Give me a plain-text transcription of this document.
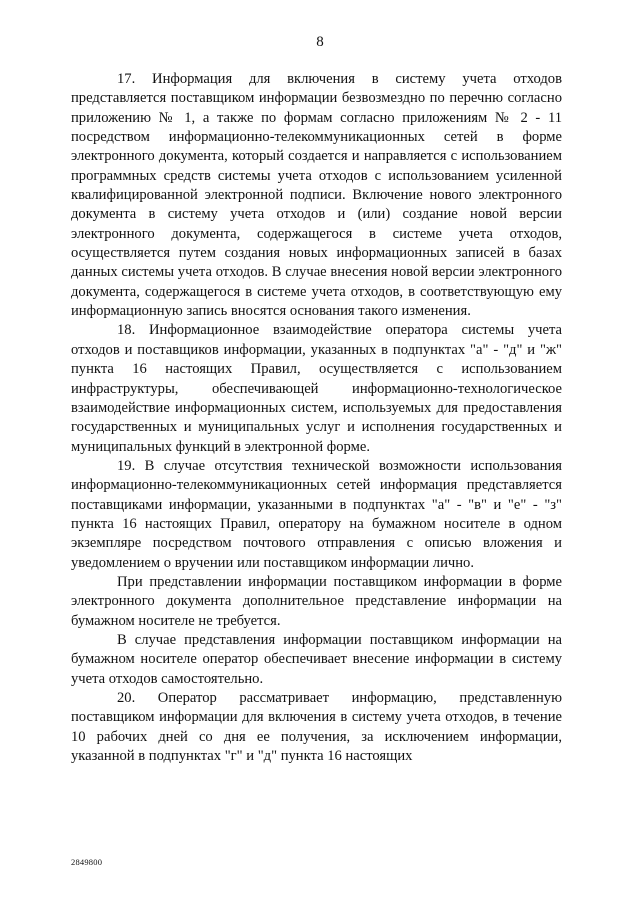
8

17. Информация для включения в систему учета отходов представляется поставщиком информации безвозмездно по перечню согласно приложению № 1, а также по формам согласно приложениям № 2 - 11 посредством информационно-телекоммуникационных сетей в форме электронного документа, который создается и направляется с использованием программных средств системы учета отходов с использованием усиленной квалифицированной электронной подписи. Включение нового электронного документа в систему учета отходов и (или) создание новой версии электронного документа, содержащегося в системе учета отходов, осуществляется путем создания новых информационных записей в базах данных системы учета отходов. В случае внесения новой версии электронного документа, содержащегося в системе учета отходов, в соответствующую ему информационную запись вносятся основания такого изменения.

18. Информационное взаимодействие оператора системы учета отходов и поставщиков информации, указанных в подпунктах "а" - "д" и "ж" пункта 16 настоящих Правил, осуществляется с использованием инфраструктуры, обеспечивающей информационно-технологическое взаимодействие информационных систем, используемых для предоставления государственных и муниципальных услуг и исполнения государственных и муниципальных функций в электронной форме.

19. В случае отсутствия технической возможности использования информационно-телекоммуникационных сетей информация представляется поставщиками информации, указанными в подпунктах "а" - "в" и "е" - "з" пункта 16 настоящих Правил, оператору на бумажном носителе в одном экземпляре посредством почтового отправления с описью вложения и уведомлением о вручении или поставщиком информации лично.

При представлении информации поставщиком информации в форме электронного документа дополнительное представление информации на бумажном носителе не требуется.

В случае представления информации поставщиком информации на бумажном носителе оператор обеспечивает внесение информации в систему учета отходов самостоятельно.

20. Оператор рассматривает информацию, представленную поставщиком информации для включения в систему учета отходов, в течение 10 рабочих дней со дня ее получения, за исключением информации, указанной в подпунктах "г" и "д" пункта 16 настоящих

2849800
